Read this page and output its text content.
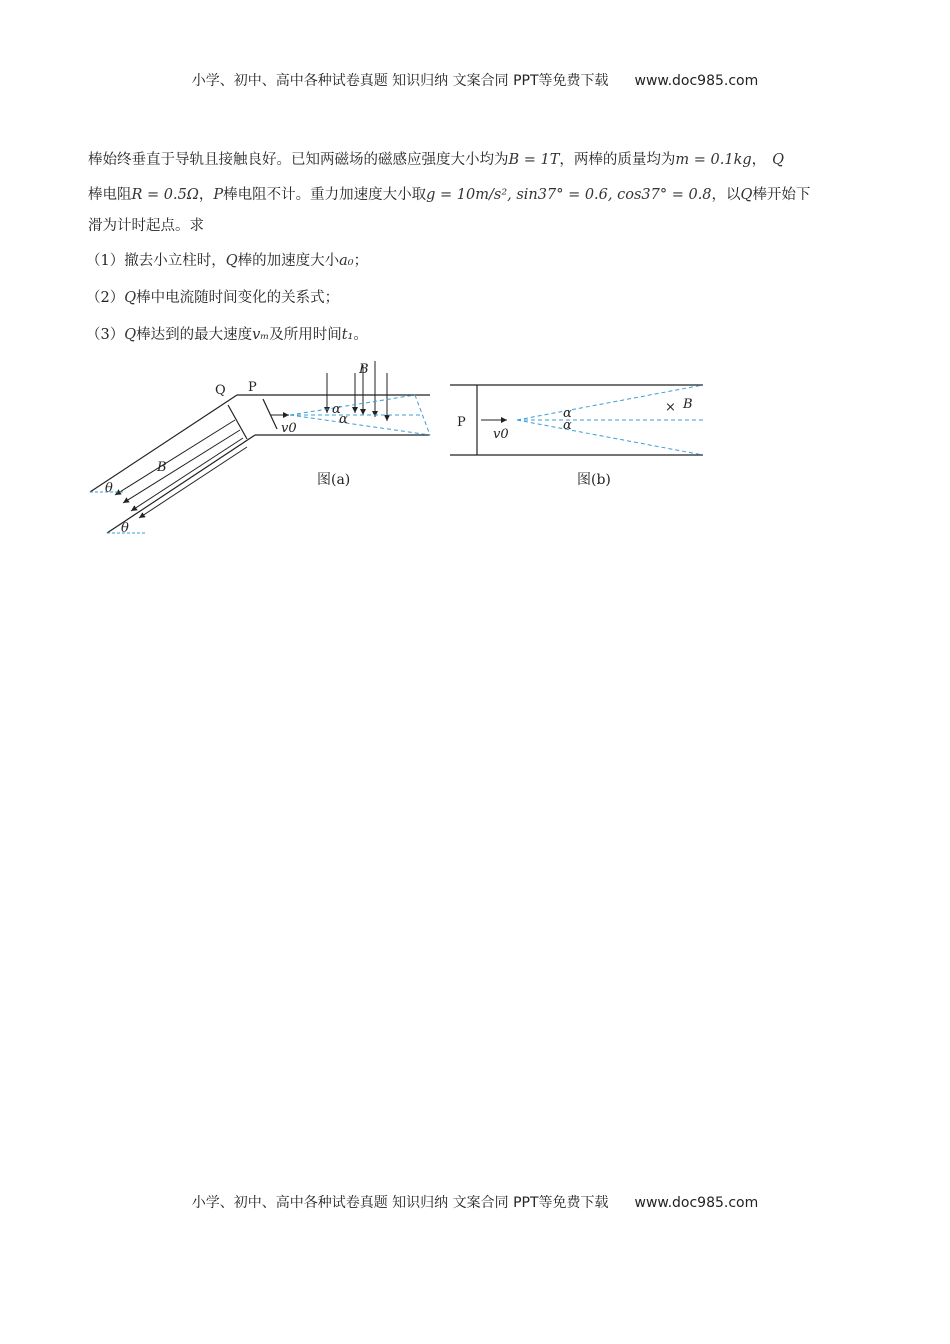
小学、初中、高中各种试卷真题 知识归纳 文案合同 PPT等免费下载 www.doc985.com
棒始终垂直于导轨且接触良好。已知两磁场的磁感应强度大小均为B = 1T，两棒的质量均为m = 0.1kg， Q
棒电阻R = 0.5Ω，P棒电阻不计。重力加速度大小取g = 10m/s², sin37° = 0.6, cos37° = 0.8，以Q棒开始下
滑为计时起点。求
（1）撤去小立柱时，Q棒的加速度大小a₀；
（2）Q棒中电流随时间变化的关系式；
（3）Q棒达到的最大速度vₘ及所用时间t₁。
Q P
B
B
v0
α
α
θ
θ
图(a)
P
v0
α
α
× B
图(b)
小学、初中、高中各种试卷真题 知识归纳 文案合同 PPT等免费下载 www.doc985.com
